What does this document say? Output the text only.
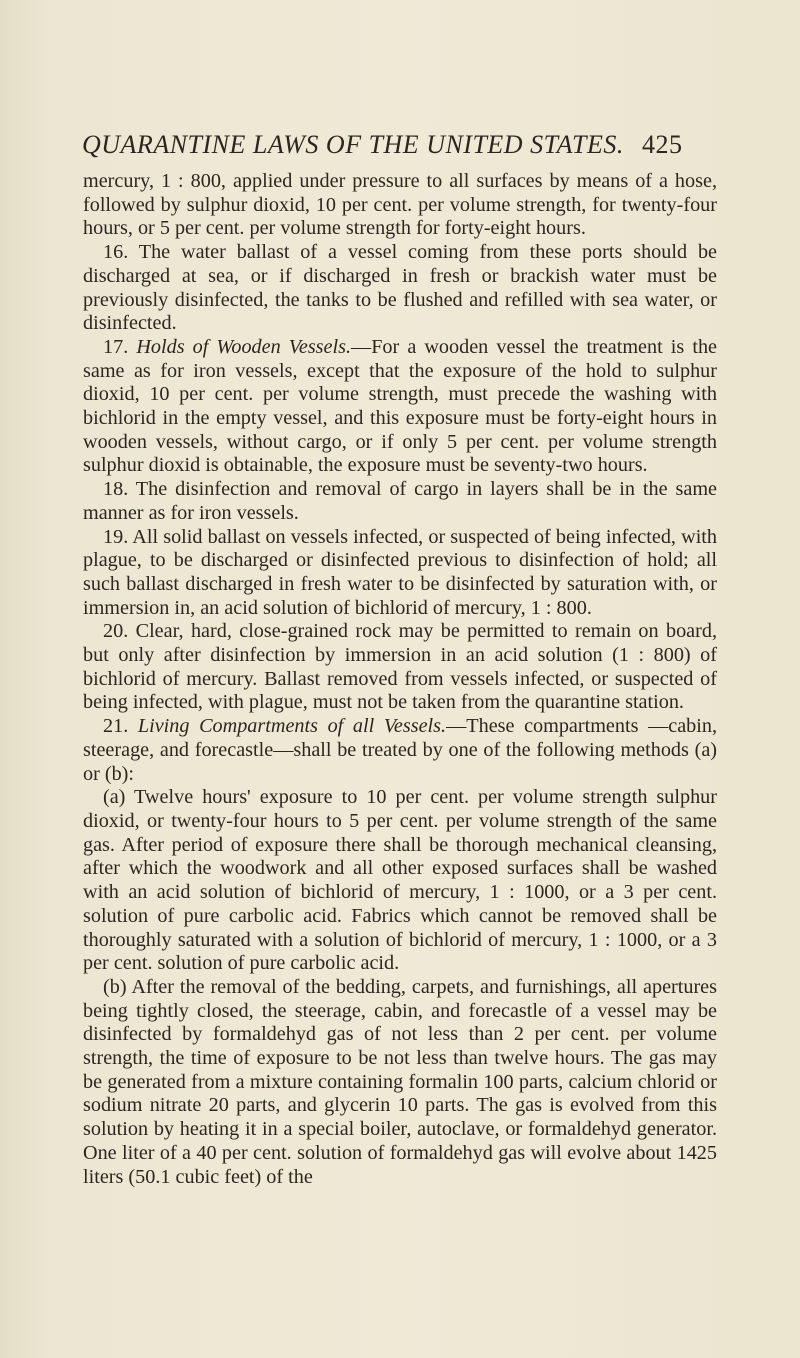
QUARANTINE LAWS OF THE UNITED STATES. 425

mercury, 1 : 800, applied under pressure to all surfaces by means of a hose, followed by sulphur dioxid, 10 per cent. per volume strength, for twenty-four hours, or 5 per cent. per volume strength for forty-eight hours.

16. The water ballast of a vessel coming from these ports should be discharged at sea, or if discharged in fresh or brackish water must be previously disinfected, the tanks to be flushed and refilled with sea water, or disinfected.

17. Holds of Wooden Vessels.—For a wooden vessel the treatment is the same as for iron vessels, except that the exposure of the hold to sulphur dioxid, 10 per cent. per volume strength, must precede the washing with bichlorid in the empty vessel, and this exposure must be forty-eight hours in wooden vessels, without cargo, or if only 5 per cent. per volume strength sulphur dioxid is obtainable, the exposure must be seventy-two hours.

18. The disinfection and removal of cargo in layers shall be in the same manner as for iron vessels.

19. All solid ballast on vessels infected, or suspected of being infected, with plague, to be discharged or disinfected previous to disinfection of hold; all such ballast discharged in fresh water to be disinfected by saturation with, or immersion in, an acid solution of bichlorid of mercury, 1 : 800.

20. Clear, hard, close-grained rock may be permitted to remain on board, but only after disinfection by immersion in an acid solution (1 : 800) of bichlorid of mercury. Ballast removed from vessels infected, or suspected of being infected, with plague, must not be taken from the quarantine station.

21. Living Compartments of all Vessels.—These compartments —cabin, steerage, and forecastle—shall be treated by one of the following methods (a) or (b):

(a) Twelve hours' exposure to 10 per cent. per volume strength sulphur dioxid, or twenty-four hours to 5 per cent. per volume strength of the same gas. After period of exposure there shall be thorough mechanical cleansing, after which the woodwork and all other exposed surfaces shall be washed with an acid solution of bichlorid of mercury, 1 : 1000, or a 3 per cent. solution of pure carbolic acid. Fabrics which cannot be removed shall be thoroughly saturated with a solution of bichlorid of mercury, 1 : 1000, or a 3 per cent. solution of pure carbolic acid.

(b) After the removal of the bedding, carpets, and furnishings, all apertures being tightly closed, the steerage, cabin, and forecastle of a vessel may be disinfected by formaldehyd gas of not less than 2 per cent. per volume strength, the time of exposure to be not less than twelve hours. The gas may be generated from a mixture containing formalin 100 parts, calcium chlorid or sodium nitrate 20 parts, and glycerin 10 parts. The gas is evolved from this solution by heating it in a special boiler, autoclave, or formaldehyd generator. One liter of a 40 per cent. solution of formaldehyd gas will evolve about 1425 liters (50.1 cubic feet) of the
